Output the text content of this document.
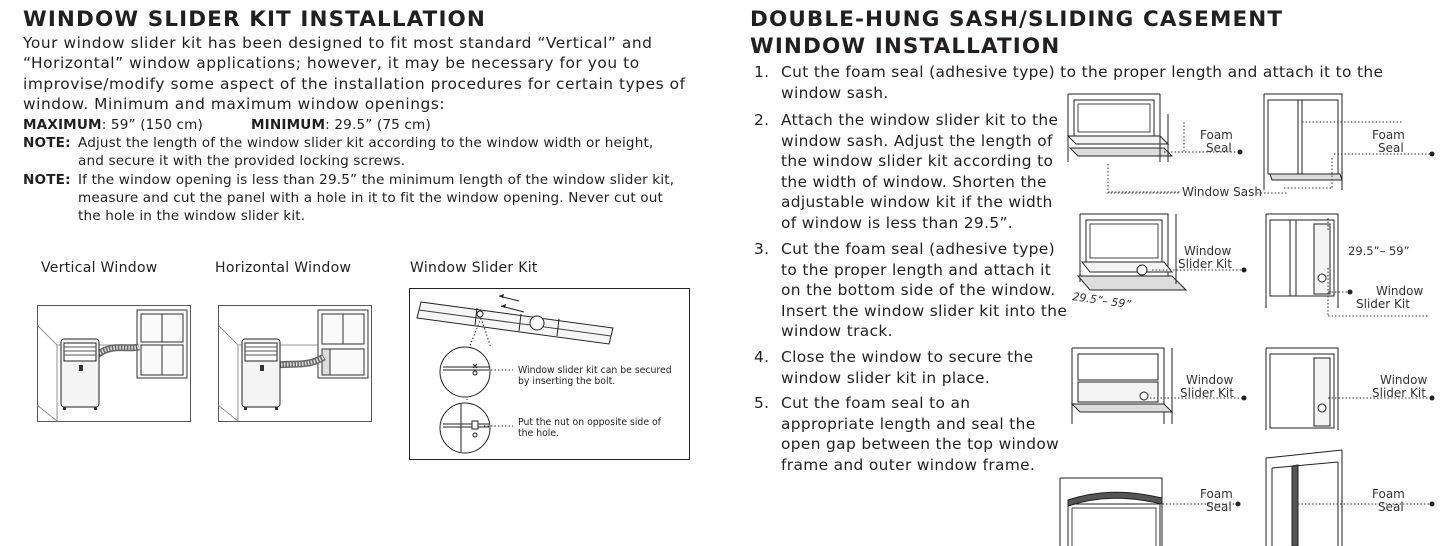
WINDOW SLIDER KIT INSTALLATION

Your window slider kit has been designed to fit most standard “Vertical” and

“Horizontal” window applications; however, it may be necessary for you to

improvise/modify some aspect of the installation procedures for certain types of

window. Minimum and maximum window openings:

MAXIMUM: 59” (150 cm)	MINIMUM: 29.5” (75 cm)
NOTE: Adjust the length of the window slider kit according to the window width or height,
and secure it with the provided locking screws.
NOTE: If the window opening is less than 29.5” the minimum length of the window slider kit,
measure and cut the panel with a hole in it to fit the window opening. Never cut out
the hole in the window slider kit.
Vertical Window	Horizontal Window	Window Slider Kit
Window slider kit can be secured
by inserting the bolt.
Put the nut on opposite side of
the hole.
DOUBLE-HUNG SASH/SLIDING CASEMENT
WINDOW INSTALLATION
1. Cut the foam seal (adhesive type) to the proper length and attach it to the
window sash.
2. Attach the window slider kit to the
window sash. Adjust the length of
the window slider kit according to
the width of window. Shorten the
adjustable window kit if the width
of window is less than 29.5”.
3. Cut the foam seal (adhesive type)
to the proper length and attach it
on the bottom side of the window.
Insert the window slider kit into the
window track.
4. Close the window to secure the
window slider kit in place.
5. Cut the foam seal to an
appropriate length and seal the
open gap between the top window
frame and outer window frame.
Foam
Seal
Window Sash
Foam
Seal
Window
Slider Kit
29.5”– 59”
29.5”– 59”
Window
Slider Kit
Window
Slider Kit
Window
Slider Kit
Foam
Seal
Foam
Seal
